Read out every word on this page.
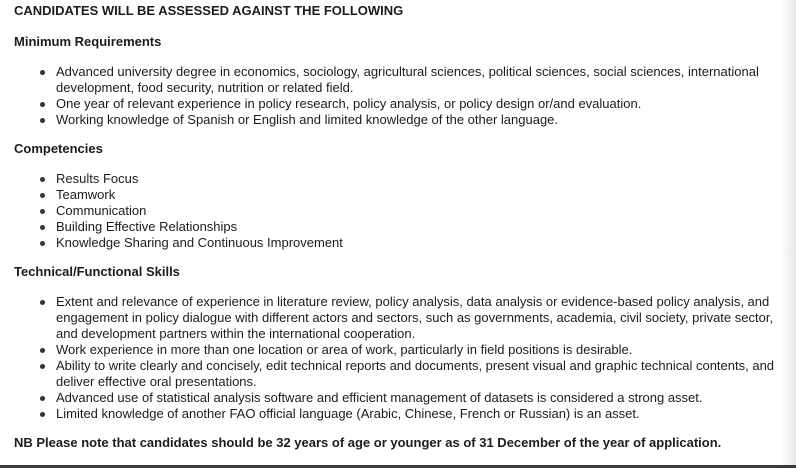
CANDIDATES WILL BE ASSESSED AGAINST THE FOLLOWING
Minimum Requirements
Advanced university degree in economics, sociology, agricultural sciences, political sciences, social sciences, international development, food security, nutrition or related field.
One year of relevant experience in policy research, policy analysis, or policy design or/and evaluation.
Working knowledge of Spanish or English and limited knowledge of the other language.
Competencies
Results Focus
Teamwork
Communication
Building Effective Relationships
Knowledge Sharing and Continuous Improvement
Technical/Functional Skills
Extent and relevance of experience in literature review, policy analysis, data analysis or evidence-based policy analysis, and engagement in policy dialogue with different actors and sectors, such as governments, academia, civil society, private sector, and development partners within the international cooperation.
Work experience in more than one location or area of work, particularly in field positions is desirable.
Ability to write clearly and concisely, edit technical reports and documents, present visual and graphic technical contents, and deliver effective oral presentations.
Advanced use of statistical analysis software and efficient management of datasets is considered a strong asset.
Limited knowledge of another FAO official language (Arabic, Chinese, French or Russian) is an asset.
NB Please note that candidates should be 32 years of age or younger as of 31 December of the year of application.
